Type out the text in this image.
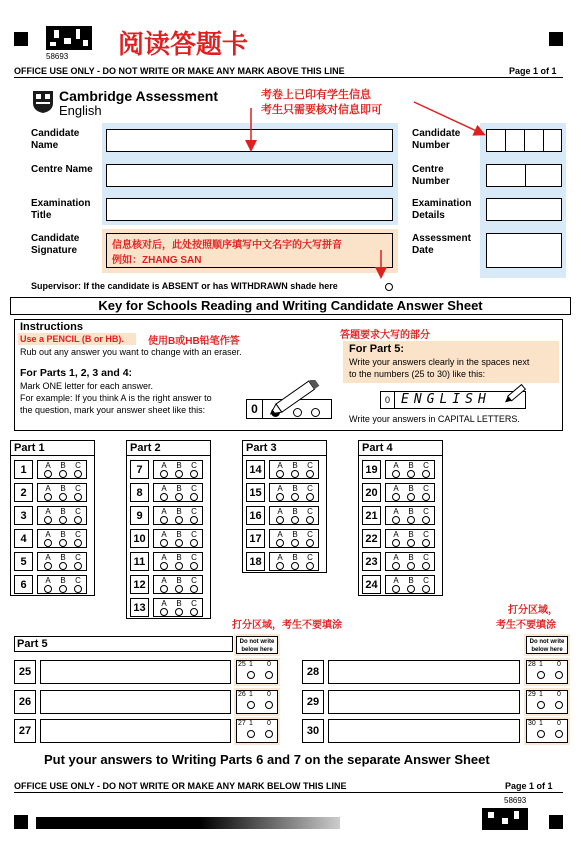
58693 阅读答题卡
OFFICE USE ONLY - DO NOT WRITE OR MAKE ANY MARK ABOVE THIS LINE	Page 1 of 1
Cambridge Assessment
English
考卷上已印有学生信息
考生只需要核对信息即可
Candidate Name
Centre Name
Examination Title
Candidate Signature	信息核对后，此处按照顺序填写中文名字的大写拼音
例如：ZHANG SAN
Candidate Number
Centre Number
Examination Details
Assessment Date
Supervisor: If the candidate is ABSENT or has WITHDRAWN shade here
Key for Schools Reading and Writing Candidate Answer Sheet
Instructions
Use a PENCIL (B or HB). 使用B或HB铅笔作答
Rub out any answer you want to change with an eraser.
For Parts 1, 2, 3 and 4:
Mark ONE letter for each answer.
For example: If you think A is the right answer to
the question, mark your answer sheet like this:	0
答题要求大写的部分
For Part 5:
Write your answers clearly in the spaces next
to the numbers (25 to 30) like this:
0 ENGLISH
Write your answers in CAPITAL LETTERS.
Part 1
1	A	B	C
2	A	B	C
3	A	B	C
4	A	B	C
5	A	B	C
6	A	B	C
Part 2
7	A	B	C
8	A	B	C
9	A	B	C
10	A	B	C
11	A	B	C
12	A	B	C
13	A	B	C
Part 3
14	A	B	C
15	A	B	C
16	A	B	C
17	A	B	C
18	A	B	C
Part 4
19	A	B	C
20	A	B	C
21	A	B	C
22	A	B	C
23	A	B	C
24	A	B	C
打分区域，考生不要填涂
打分区域，
考生不要填涂
Part 5	Do not write below here
Do not write below here
25
25 1 0
26
26 1 0
27
27 1 0
28
28 1 0
29
29 1 0
30
30 1 0
Put your answers to Writing Parts 6 and 7 on the separate Answer Sheet
OFFICE USE ONLY - DO NOT WRITE OR MAKE ANY MARK BELOW THIS LINE	Page 1 of 1
58693
